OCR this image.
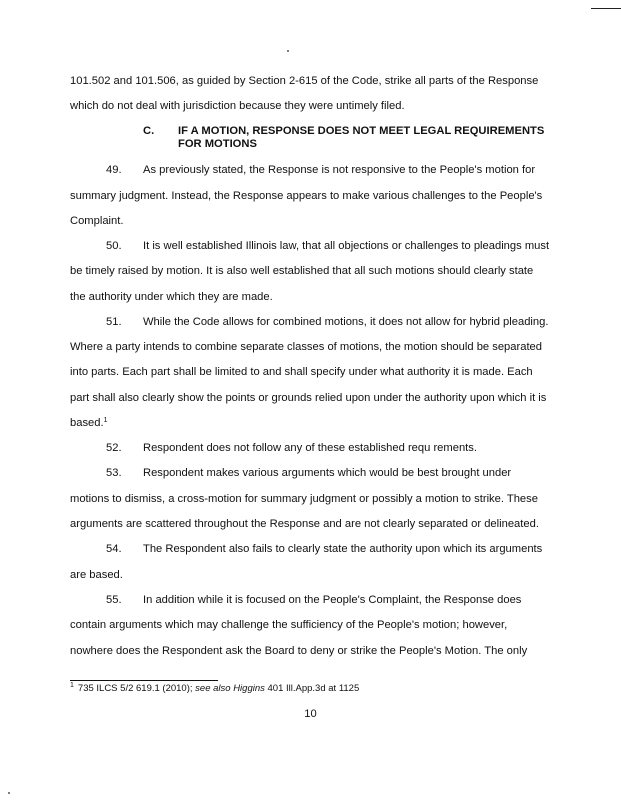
101.502 and 101.506, as guided by Section 2-615 of the Code, strike all parts of the Response
which do not deal with jurisdiction because they were untimely filed.
C. IF A MOTION, RESPONSE DOES NOT MEET LEGAL REQUIREMENTS
FOR MOTIONS
49. As previously stated, the Response is not responsive to the People's motion for
summary judgment. Instead, the Response appears to make various challenges to the People's
Complaint.
50. It is well established Illinois law, that all objections or challenges to pleadings must
be timely raised by motion. It is also well established that all such motions should clearly state
the authority under which they are made.
51. While the Code allows for combined motions, it does not allow for hybrid pleading.
Where a party intends to combine separate classes of motions, the motion should be separated
into parts. Each part shall be limited to and shall specify under what authority it is made. Each
part shall also clearly show the points or grounds relied upon under the authority upon which it is
based.$^1$
52. Respondent does not follow any of these established requ rements.
53. Respondent makes various arguments which would be best brought under
motions to dismiss, a cross-motion for summary judgment or possibly a motion to strike. These
arguments are scattered throughout the Response and are not clearly separated or delineated.
54. The Respondent also fails to clearly state the authority upon which its arguments
are based.
55. In addition while it is focused on the People's Complaint, the Response does
contain arguments which may challenge the sufficiency of the People's motion; however,
nowhere does the Respondent ask the Board to deny or strike the People's Motion. The only
$^1$ 735 ILCS 5/2 619.1 (2010); see also Higgins 401 Ill.App.3d at 1125
10
